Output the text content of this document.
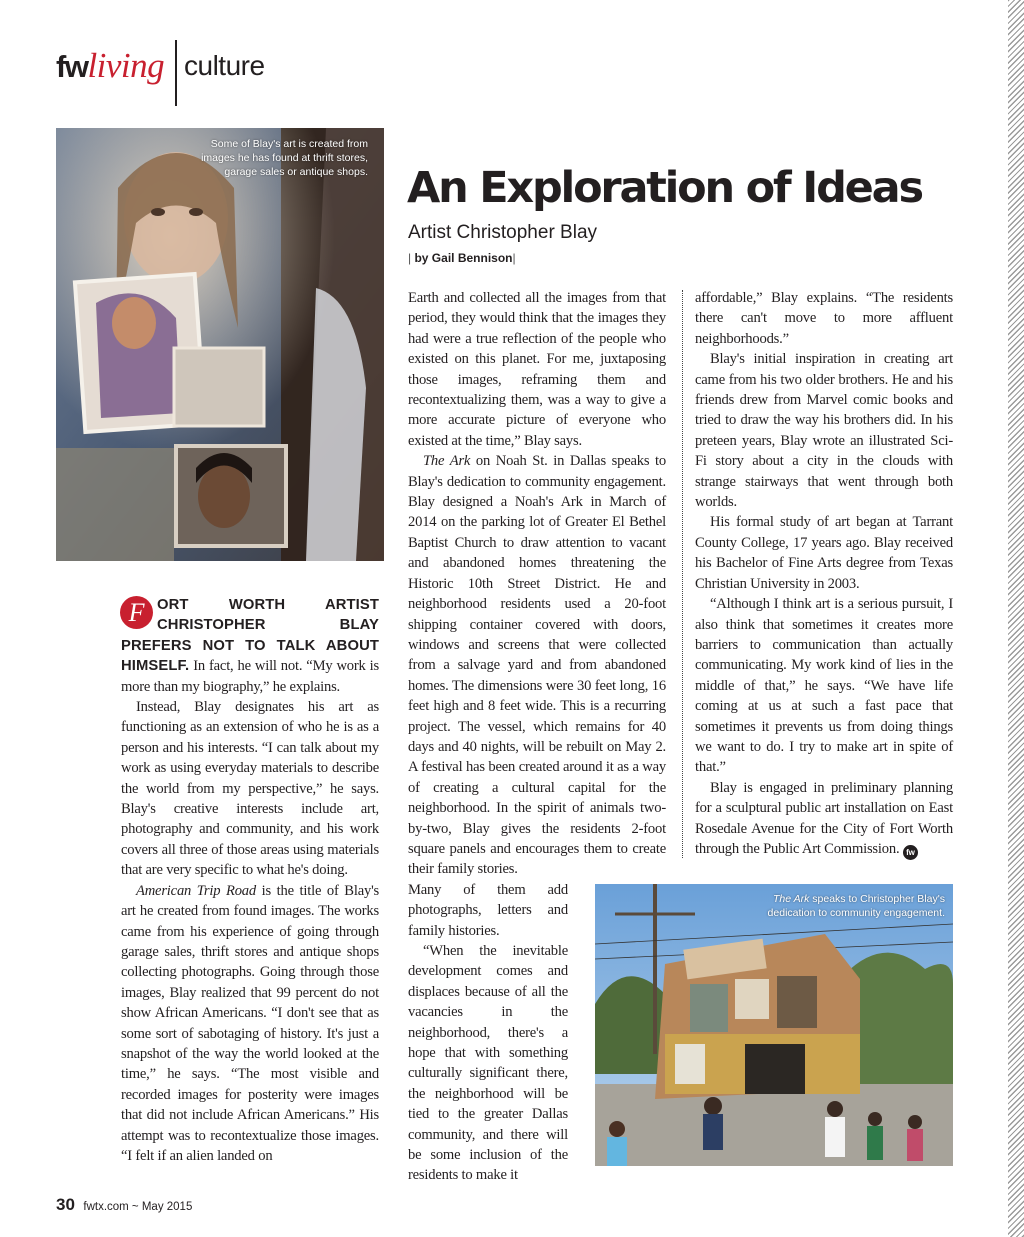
fwliving culture
Some of Blay's art is created from images he has found at thrift stores, garage sales or antique shops. An Exploration of Ideas
Artist Christopher Blay
| by Gail Bennison|

F ORT WORTH ARTIST CHRISTOPHER BLAY PREFERS NOT TO TALK ABOUT HIMSELF. In fact, he will not. “My work is more than my biography,” he explains.

Instead, Blay designates his art as functioning as an extension of who he is as a person and his interests. “I can talk about my work as using everyday materials to describe the world from my perspective,” he says. Blay's creative interests include art, photography and community, and his work covers all three of those areas using materials that are very specific to what he's doing.

American Trip Road is the title of Blay's art he created from found images. The works came from his experience of going through garage sales, thrift stores and antique shops collecting photographs. Going through those images, Blay realized that 99 percent do not show African Americans. “I don't see that as some sort of sabotaging of history. It's just a snapshot of the way the world looked at the time,” he says. “The most visible and recorded images for posterity were images that did not include African Americans.” His attempt was to recontextualize those images. “I felt if an alien landed on

Earth and collected all the images from that period, they would think that the images they had were a true reflection of the people who existed on this planet. For me, juxtaposing those images, reframing them and recontextualizing them, was a way to give a more accurate picture of everyone who existed at the time,” Blay says.

The Ark on Noah St. in Dallas speaks to Blay's dedication to community engagement. Blay designed a Noah's Ark in March of 2014 on the parking lot of Greater El Bethel Baptist Church to draw attention to vacant and abandoned homes threatening the Historic 10th Street District. He and neighborhood residents used a 20-foot shipping container covered with doors, windows and screens that were collected from a salvage yard and from abandoned homes. The dimensions were 30 feet long, 16 feet high and 8 feet wide. This is a recurring project. The vessel, which remains for 40 days and 40 nights, will be rebuilt on May 2. A festival has been created around it as a way of creating a cultural capital for the neighborhood. In the spirit of animals two-by-two, Blay gives the residents 2-foot square panels and encourages them to create their family stories.

Many of them add photographs, letters and family histories.

“When the inevitable development comes and displaces because of all the vacancies in the neighborhood, there's a hope that with something culturally significant there, the neighborhood will be tied to the greater Dallas community, and there will be some inclusion of the residents to make it

affordable,” Blay explains. “The residents there can't move to more affluent neighborhoods.”

Blay's initial inspiration in creating art came from his two older brothers. He and his friends drew from Marvel comic books and tried to draw the way his brothers did. In his preteen years, Blay wrote an illustrated Sci-Fi story about a city in the clouds with strange stairways that went through both worlds.

His formal study of art began at Tarrant County College, 17 years ago. Blay received his Bachelor of Fine Arts degree from Texas Christian University in 2003.

“Although I think art is a serious pursuit, I also think that sometimes it creates more barriers to communication than actually communicating. My work kind of lies in the middle of that,” he says. “We have life coming at us at such a fast pace that sometimes it prevents us from doing things we want to do. I try to make art in spite of that.”

Blay is engaged in preliminary planning for a sculptural public art installation on East Rosedale Avenue for the City of Fort Worth through the Public Art Commission. fw

The Ark speaks to Christopher Blay's dedication to community engagement.
30 fwtx.com ~ May 2015
